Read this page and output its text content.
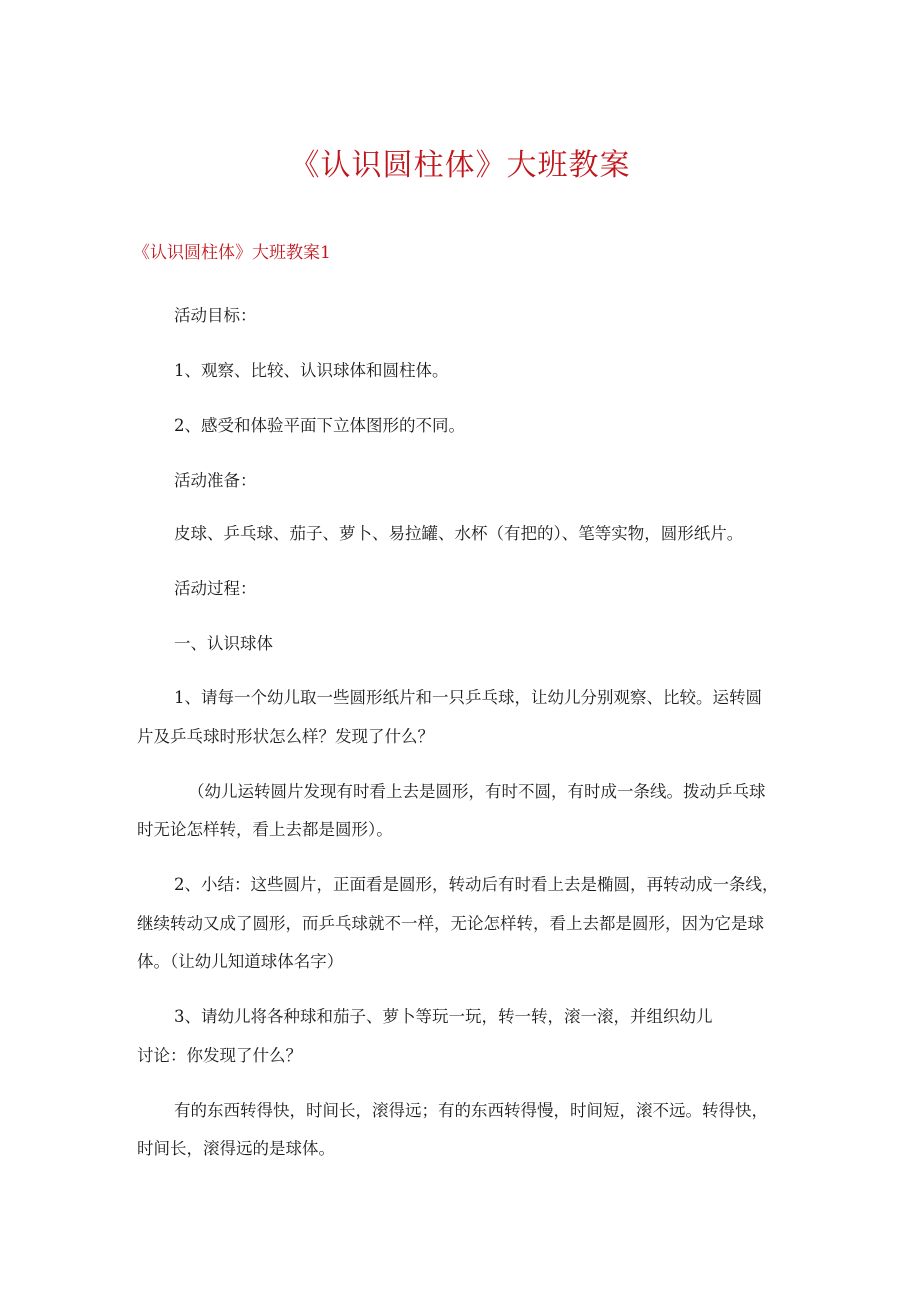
《认识圆柱体》大班教案
《认识圆柱体》大班教案1
活动目标：
1、观察、比较、认识球体和圆柱体。
2、感受和体验平面下立体图形的不同。
活动准备：
皮球、乒乓球、茄子、萝卜、易拉罐、水杯（有把的）、笔等实物，圆形纸片。
活动过程：
一、认识球体
1、请每一个幼儿取一些圆形纸片和一只乒乓球，让幼儿分别观察、比较。运转圆
片及乒乓球时形状怎么样？发现了什么？
（幼儿运转圆片发现有时看上去是圆形，有时不圆，有时成一条线。拨动乒乓球
时无论怎样转，看上去都是圆形）。
2、小结：这些圆片，正面看是圆形，转动后有时看上去是椭圆，再转动成一条线，
继续转动又成了圆形，而乒乓球就不一样，无论怎样转，看上去都是圆形，因为它是球
体。（让幼儿知道球体名字）
3、请幼儿将各种球和茄子、萝卜等玩一玩，转一转，滚一滚，并组织幼儿
讨论：你发现了什么？
有的东西转得快，时间长，滚得远；有的东西转得慢，时间短，滚不远。转得快，
时间长，滚得远的是球体。
